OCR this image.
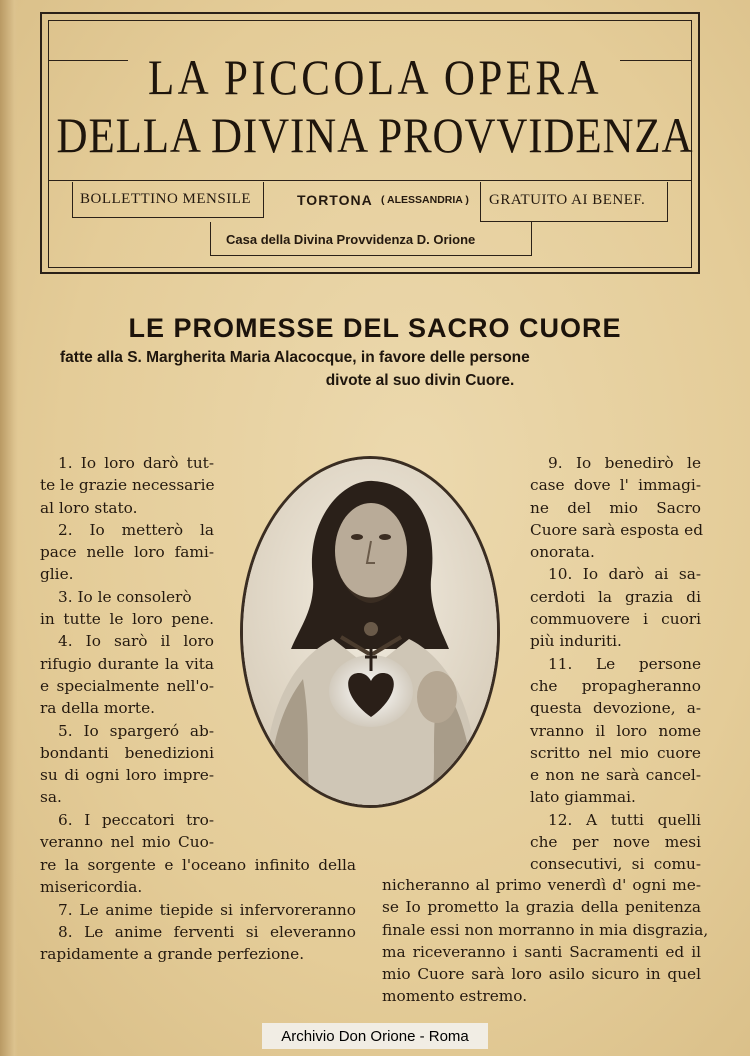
LA PICCOLA OPERA
DELLA DIVINA PROVVIDENZA
BOLLETTINO MENSILE	TORTONA ( ALESSANDRIA ) GRATUITO AI BENEF.
Casa della Divina Provvidenza D. Orione
LE PROMESSE DEL SACRO CUORE
fatte alla S. Margherita Maria Alacocque, in favore delle persone
divote al suo divin Cuore.
1. Io loro darò tut-
te le grazie necessarie
al loro stato.
2. Io metterò la
pace nelle loro fami-
glie.
3. Io le consolerò
in tutte le loro pene.
4. Io sarò il loro
rifugio durante la vita
e specialmente nell'o-
ra della morte.
5. Io spargeró ab-
bondanti benedizioni
su di ogni loro impre-
sa.
6. I peccatori tro-
veranno nel mio Cuo-
re la sorgente e l'oceano infinito della
misericordia.
7. Le anime tiepide si infervoreranno
8. Le anime ferventi si eleveranno
rapidamente a grande perfezione.
9. Io benedirò le
case dove l' immagi-
ne del mio Sacro
Cuore sarà esposta ed
onorata.
10. Io darò ai sa-
cerdoti la grazia di
commuovere i cuori
più induriti.
11. Le persone
che propagheranno
questa devozione, a-
vranno il loro nome
scritto nel mio cuore
e non ne sarà cancel-
lato giammai.
12. A tutti quelli
che per nove mesi
consecutivi, si comu-
nicheranno al primo venerdì d' ogni me-
se Io prometto la grazia della penitenza
finale essi non morranno in mia disgrazia,
ma riceveranno i santi Sacramenti ed il
mio Cuore sarà loro asilo sicuro in quel
momento estremo.
Archivio Don Orione - Roma
